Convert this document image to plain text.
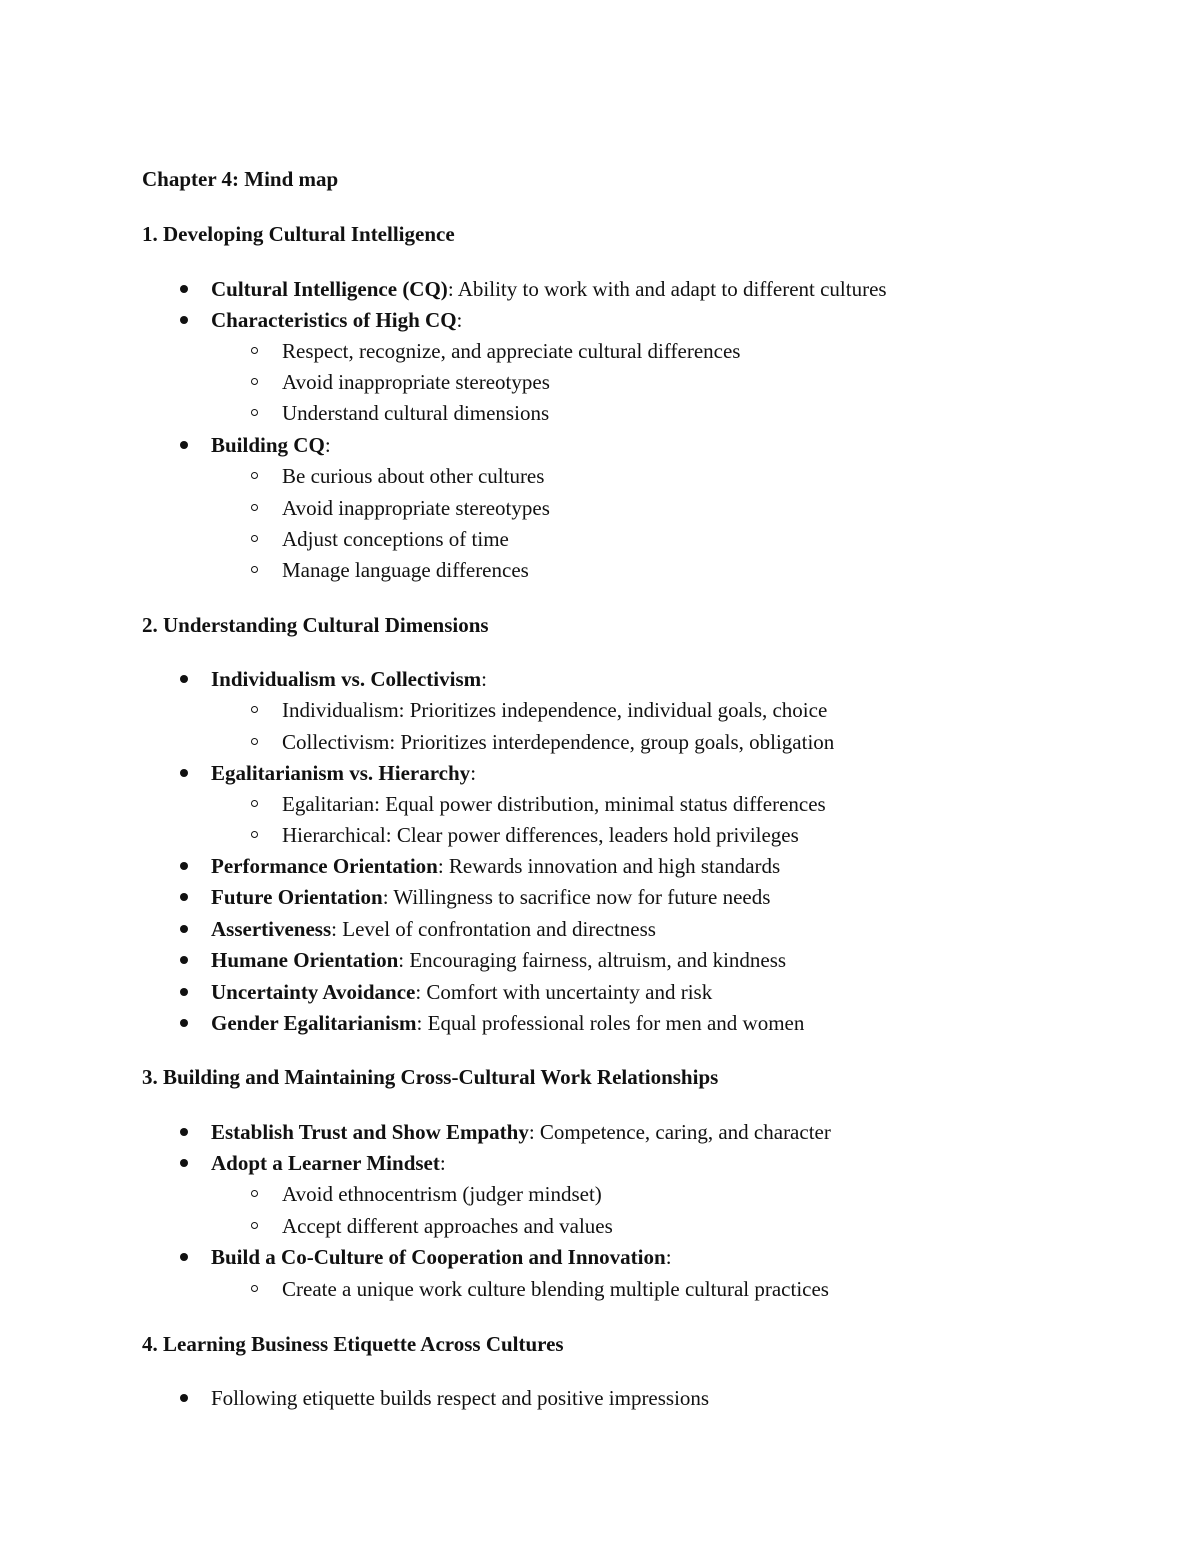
Chapter 4: Mind map
1. Developing Cultural Intelligence
Cultural Intelligence (CQ): Ability to work with and adapt to different cultures
Characteristics of High CQ:
Respect, recognize, and appreciate cultural differences
Avoid inappropriate stereotypes
Understand cultural dimensions
Building CQ:
Be curious about other cultures
Avoid inappropriate stereotypes
Adjust conceptions of time
Manage language differences
2. Understanding Cultural Dimensions
Individualism vs. Collectivism:
Individualism: Prioritizes independence, individual goals, choice
Collectivism: Prioritizes interdependence, group goals, obligation
Egalitarianism vs. Hierarchy:
Egalitarian: Equal power distribution, minimal status differences
Hierarchical: Clear power differences, leaders hold privileges
Performance Orientation: Rewards innovation and high standards
Future Orientation: Willingness to sacrifice now for future needs
Assertiveness: Level of confrontation and directness
Humane Orientation: Encouraging fairness, altruism, and kindness
Uncertainty Avoidance: Comfort with uncertainty and risk
Gender Egalitarianism: Equal professional roles for men and women
3. Building and Maintaining Cross-Cultural Work Relationships
Establish Trust and Show Empathy: Competence, caring, and character
Adopt a Learner Mindset:
Avoid ethnocentrism (judger mindset)
Accept different approaches and values
Build a Co-Culture of Cooperation and Innovation:
Create a unique work culture blending multiple cultural practices
4. Learning Business Etiquette Across Cultures
Following etiquette builds respect and positive impressions
